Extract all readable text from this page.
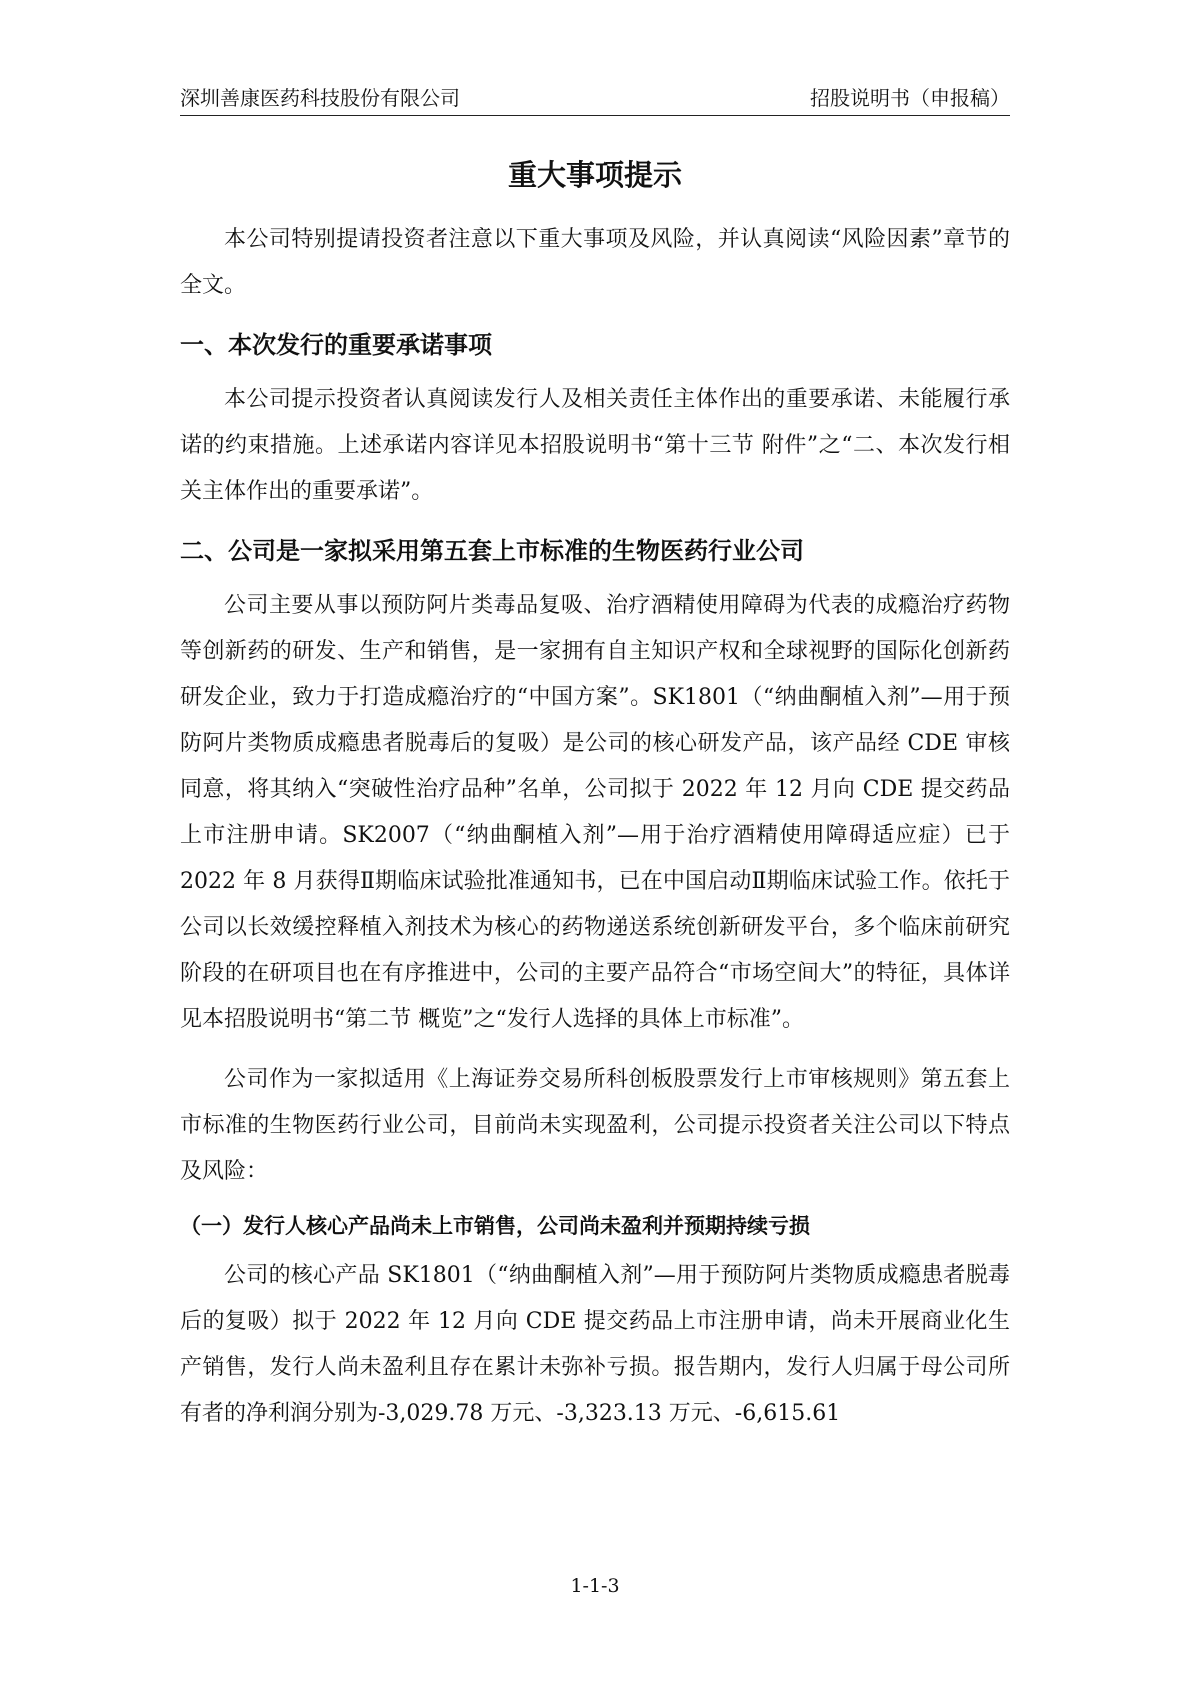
深圳善康医药科技股份有限公司	招股说明书（申报稿）
重大事项提示

本公司特别提请投资者注意以下重大事项及风险，并认真阅读“风险因素”章节的全文。

一、本次发行的重要承诺事项

本公司提示投资者认真阅读发行人及相关责任主体作出的重要承诺、未能履行承诺的约束措施。上述承诺内容详见本招股说明书“第十三节 附件”之“二、本次发行相关主体作出的重要承诺”。

二、公司是一家拟采用第五套上市标准的生物医药行业公司

公司主要从事以预防阿片类毒品复吸、治疗酒精使用障碍为代表的成瘾治疗药物等创新药的研发、生产和销售，是一家拥有自主知识产权和全球视野的国际化创新药研发企业，致力于打造成瘾治疗的“中国方案”。SK1801（“纳曲酮植入剂”—用于预防阿片类物质成瘾患者脱毒后的复吸）是公司的核心研发产品，该产品经 CDE 审核同意，将其纳入“突破性治疗品种”名单，公司拟于 2022 年 12 月向 CDE 提交药品上市注册申请。SK2007（“纳曲酮植入剂”—用于治疗酒精使用障碍适应症）已于 2022 年 8 月获得Ⅱ期临床试验批准通知书，已在中国启动Ⅱ期临床试验工作。依托于公司以长效缓控释植入剂技术为核心的药物递送系统创新研发平台，多个临床前研究阶段的在研项目也在有序推进中，公司的主要产品符合“市场空间大”的特征，具体详见本招股说明书“第二节 概览”之“发行人选择的具体上市标准”。

公司作为一家拟适用《上海证券交易所科创板股票发行上市审核规则》第五套上市标准的生物医药行业公司，目前尚未实现盈利，公司提示投资者关注公司以下特点及风险：

（一）发行人核心产品尚未上市销售，公司尚未盈利并预期持续亏损

公司的核心产品 SK1801（“纳曲酮植入剂”—用于预防阿片类物质成瘾患者脱毒后的复吸）拟于 2022 年 12 月向 CDE 提交药品上市注册申请，尚未开展商业化生产销售，发行人尚未盈利且存在累计未弥补亏损。报告期内，发行人归属于母公司所有者的净利润分别为-3,029.78 万元、-3,323.13 万元、-6,615.61

1-1-3
